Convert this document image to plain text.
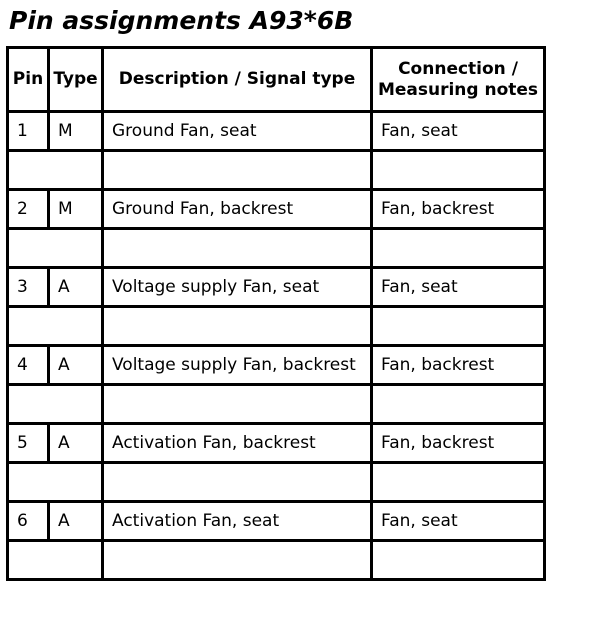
Pin assignments A93*6B
Pin	Type	Description / Signal type	Connection /
Measuring notes
1	M	Ground Fan, seat	Fan, seat

2	M	Ground Fan, backrest	Fan, backrest

3	A	Voltage supply Fan, seat	Fan, seat

4	A	Voltage supply Fan, backrest	Fan, backrest

5	A	Activation Fan, backrest	Fan, backrest

6	A	Activation Fan, seat	Fan, seat
